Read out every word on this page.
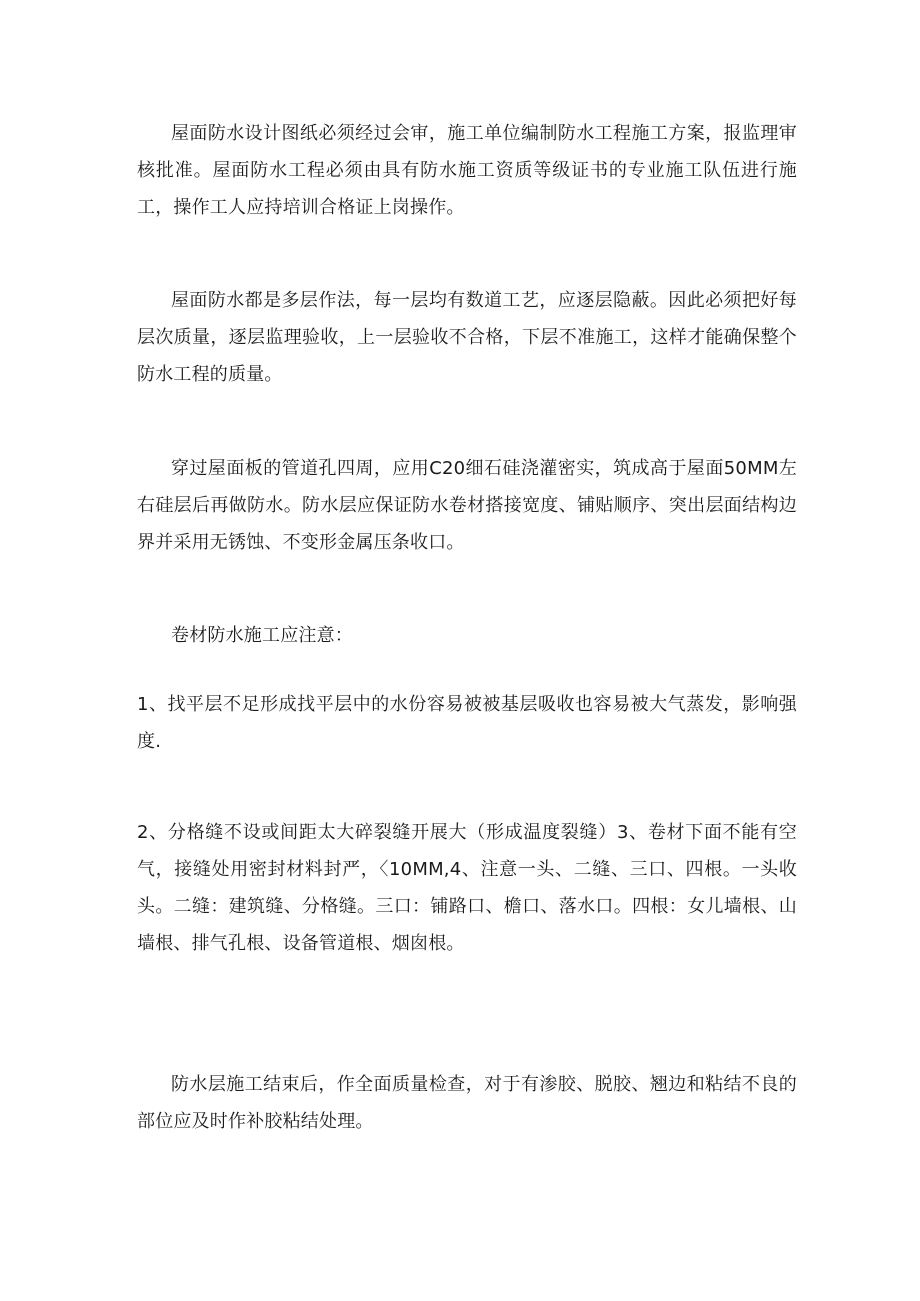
屋面防水设计图纸必须经过会审，施工单位编制防水工程施工方案，报监理审核批准。屋面防水工程必须由具有防水施工资质等级证书的专业施工队伍进行施工，操作工人应持培训合格证上岗操作。

屋面防水都是多层作法，每一层均有数道工艺，应逐层隐蔽。因此必须把好每层次质量，逐层监理验收，上一层验收不合格，下层不准施工，这样才能确保整个防水工程的质量。

穿过屋面板的管道孔四周，应用C20细石硅浇灌密实，筑成高于屋面50MM左右硅层后再做防水。防水层应保证防水卷材搭接宽度、铺贴顺序、突出层面结构边界并采用无锈蚀、不变形金属压条收口。

卷材防水施工应注意：

1、找平层不足形成找平层中的水份容易被被基层吸收也容易被大气蒸发，影响强度.

2、分格缝不设或间距太大碎裂缝开展大（形成温度裂缝）3、卷材下面不能有空气，接缝处用密封材料封严，〈10MM,4、注意一头、二缝、三口、四根。一头收头。二缝：建筑缝、分格缝。三口：铺路口、檐口、落水口。四根：女儿墙根、山墙根、排气孔根、设备管道根、烟囱根。

防水层施工结束后，作全面质量检查，对于有渗胶、脱胶、翘边和粘结不良的部位应及时作补胶粘结处理。
